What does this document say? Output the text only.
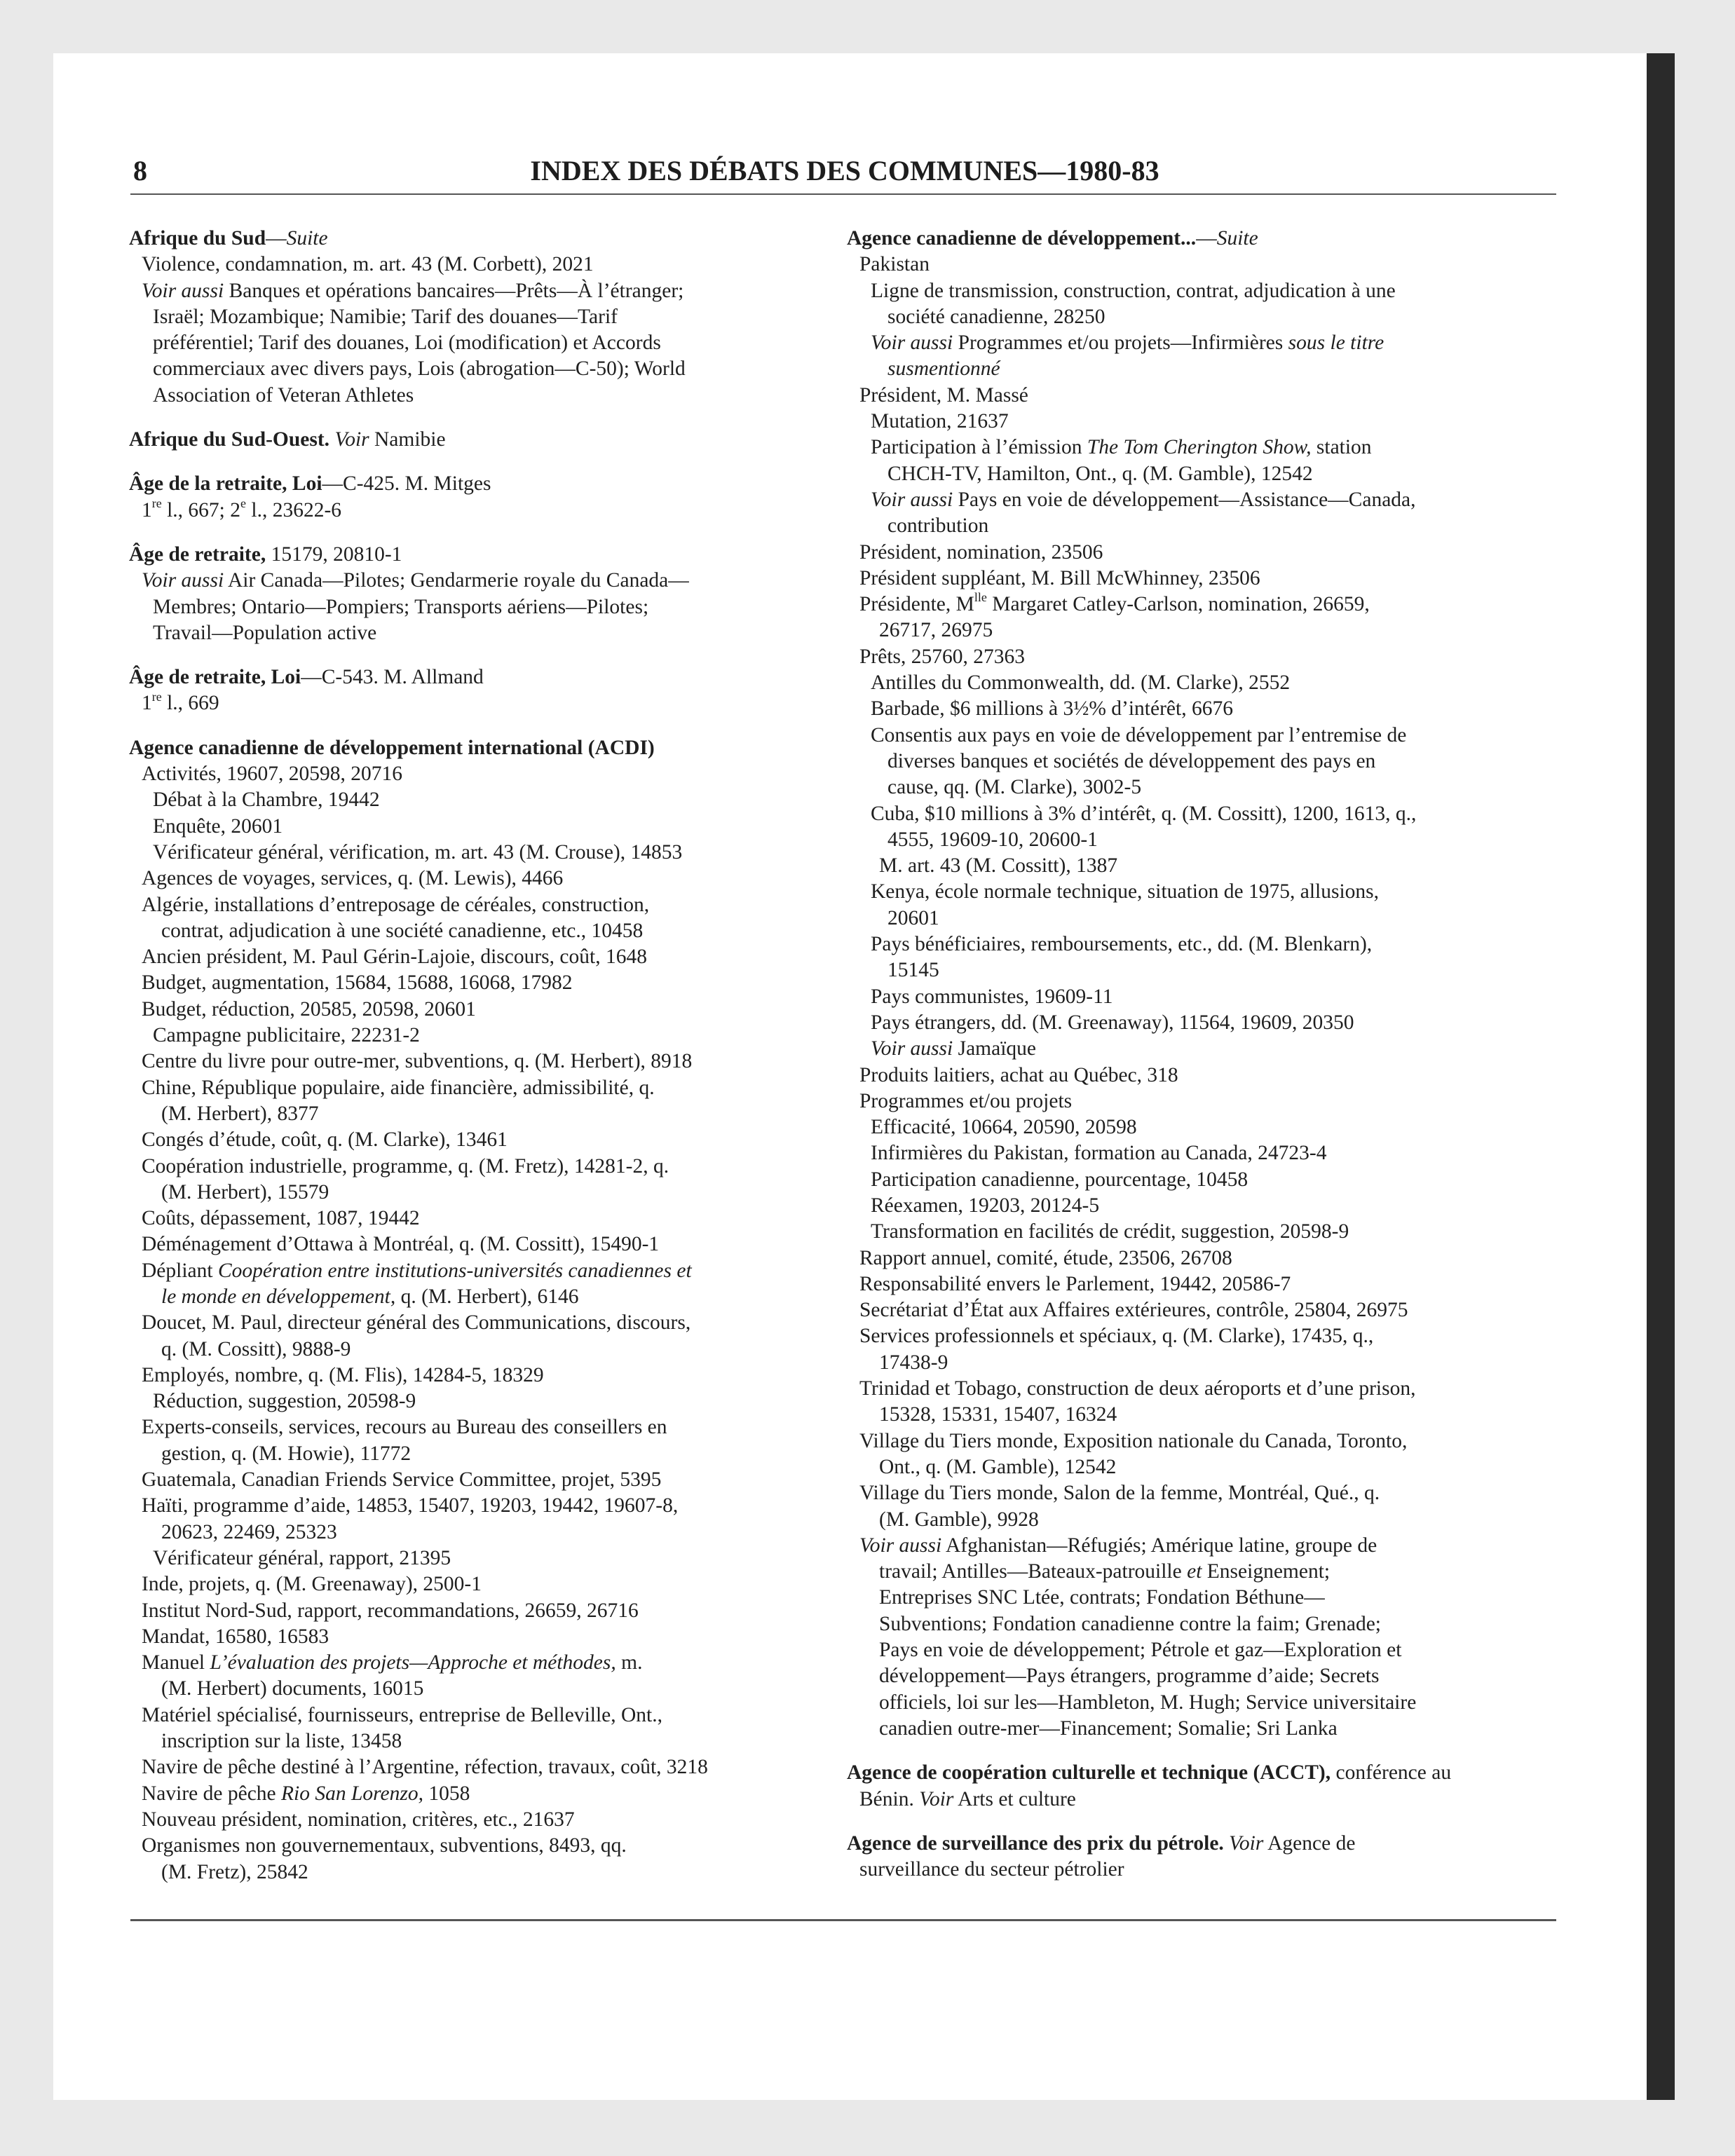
8	INDEX DES DÉBATS DES COMMUNES—1980-83
Afrique du Sud—Suite
Violence, condamnation, m. art. 43 (M. Corbett), 2021
Voir aussi Banques et opérations bancaires—Prêts—À l’étranger;
Israël; Mozambique; Namibie; Tarif des douanes—Tarif
préférentiel; Tarif des douanes, Loi (modification) et Accords
commerciaux avec divers pays, Lois (abrogation—C-50); World
Association of Veteran Athletes
Afrique du Sud-Ouest. Voir Namibie
Âge de la retraite, Loi—C-425. M. Mitges
1re l., 667; 2e l., 23622-6
Âge de retraite, 15179, 20810-1
Voir aussi Air Canada—Pilotes; Gendarmerie royale du Canada—
Membres; Ontario—Pompiers; Transports aériens—Pilotes;
Travail—Population active
Âge de retraite, Loi—C-543. M. Allmand
1re l., 669
Agence canadienne de développement international (ACDI)
Activités, 19607, 20598, 20716
Débat à la Chambre, 19442
Enquête, 20601
Vérificateur général, vérification, m. art. 43 (M. Crouse), 14853
Agences de voyages, services, q. (M. Lewis), 4466
Algérie, installations d’entreposage de céréales, construction,
contrat, adjudication à une société canadienne, etc., 10458
Ancien président, M. Paul Gérin-Lajoie, discours, coût, 1648
Budget, augmentation, 15684, 15688, 16068, 17982
Budget, réduction, 20585, 20598, 20601
Campagne publicitaire, 22231-2
Centre du livre pour outre-mer, subventions, q. (M. Herbert), 8918
Chine, République populaire, aide financière, admissibilité, q.
(M. Herbert), 8377
Congés d’étude, coût, q. (M. Clarke), 13461
Coopération industrielle, programme, q. (M. Fretz), 14281-2, q.
(M. Herbert), 15579
Coûts, dépassement, 1087, 19442
Déménagement d’Ottawa à Montréal, q. (M. Cossitt), 15490-1
Dépliant Coopération entre institutions-universités canadiennes et
le monde en développement, q. (M. Herbert), 6146
Doucet, M. Paul, directeur général des Communications, discours,
q. (M. Cossitt), 9888-9
Employés, nombre, q. (M. Flis), 14284-5, 18329
Réduction, suggestion, 20598-9
Experts-conseils, services, recours au Bureau des conseillers en
gestion, q. (M. Howie), 11772
Guatemala, Canadian Friends Service Committee, projet, 5395
Haïti, programme d’aide, 14853, 15407, 19203, 19442, 19607-8,
20623, 22469, 25323
Vérificateur général, rapport, 21395
Inde, projets, q. (M. Greenaway), 2500-1
Institut Nord-Sud, rapport, recommandations, 26659, 26716
Mandat, 16580, 16583
Manuel L’évaluation des projets—Approche et méthodes, m.
(M. Herbert) documents, 16015
Matériel spécialisé, fournisseurs, entreprise de Belleville, Ont.,
inscription sur la liste, 13458
Navire de pêche destiné à l’Argentine, réfection, travaux, coût, 3218
Navire de pêche Rio San Lorenzo, 1058
Nouveau président, nomination, critères, etc., 21637
Organismes non gouvernementaux, subventions, 8493, qq.
(M. Fretz), 25842
Agence canadienne de développement...—Suite
Pakistan
Ligne de transmission, construction, contrat, adjudication à une
société canadienne, 28250
Voir aussi Programmes et/ou projets—Infirmières sous le titre
susmentionné
Président, M. Massé
Mutation, 21637
Participation à l’émission The Tom Cherington Show, station
CHCH-TV, Hamilton, Ont., q. (M. Gamble), 12542
Voir aussi Pays en voie de développement—Assistance—Canada,
contribution
Président, nomination, 23506
Président suppléant, M. Bill McWhinney, 23506
Présidente, $M^{lle}$ Margaret Catley-Carlson, nomination, 26659,
26717, 26975
Prêts, 25760, 27363
Antilles du Commonwealth, dd. (M. Clarke), 2552
Barbade, $6 millions à 3½% d’intérêt, 6676
Consentis aux pays en voie de développement par l’entremise de
diverses banques et sociétés de développement des pays en
cause, qq. (M. Clarke), 3002-5
Cuba, $10 millions à 3% d’intérêt, q. (M. Cossitt), 1200, 1613, q.,
4555, 19609-10, 20600-1
M. art. 43 (M. Cossitt), 1387
Kenya, école normale technique, situation de 1975, allusions,
20601
Pays bénéficiaires, remboursements, etc., dd. (M. Blenkarn),
15145
Pays communistes, 19609-11
Pays étrangers, dd. (M. Greenaway), 11564, 19609, 20350
Voir aussi Jamaïque
Produits laitiers, achat au Québec, 318
Programmes et/ou projets
Efficacité, 10664, 20590, 20598
Infirmières du Pakistan, formation au Canada, 24723-4
Participation canadienne, pourcentage, 10458
Réexamen, 19203, 20124-5
Transformation en facilités de crédit, suggestion, 20598-9
Rapport annuel, comité, étude, 23506, 26708
Responsabilité envers le Parlement, 19442, 20586-7
Secrétariat d’État aux Affaires extérieures, contrôle, 25804, 26975
Services professionnels et spéciaux, q. (M. Clarke), 17435, q.,
17438-9
Trinidad et Tobago, construction de deux aéroports et d’une prison,
15328, 15331, 15407, 16324
Village du Tiers monde, Exposition nationale du Canada, Toronto,
Ont., q. (M. Gamble), 12542
Village du Tiers monde, Salon de la femme, Montréal, Qué., q.
(M. Gamble), 9928
Voir aussi Afghanistan—Réfugiés; Amérique latine, groupe de
travail; Antilles—Bateaux-patrouille et Enseignement;
Entreprises SNC Ltée, contrats; Fondation Béthune—
Subventions; Fondation canadienne contre la faim; Grenade;
Pays en voie de développement; Pétrole et gaz—Exploration et
développement—Pays étrangers, programme d’aide; Secrets
officiels, loi sur les—Hambleton, M. Hugh; Service universitaire
canadien outre-mer—Financement; Somalie; Sri Lanka
Agence de coopération culturelle et technique (ACCT), conférence au
Bénin. Voir Arts et culture
Agence de surveillance des prix du pétrole. Voir Agence de
surveillance du secteur pétrolier
